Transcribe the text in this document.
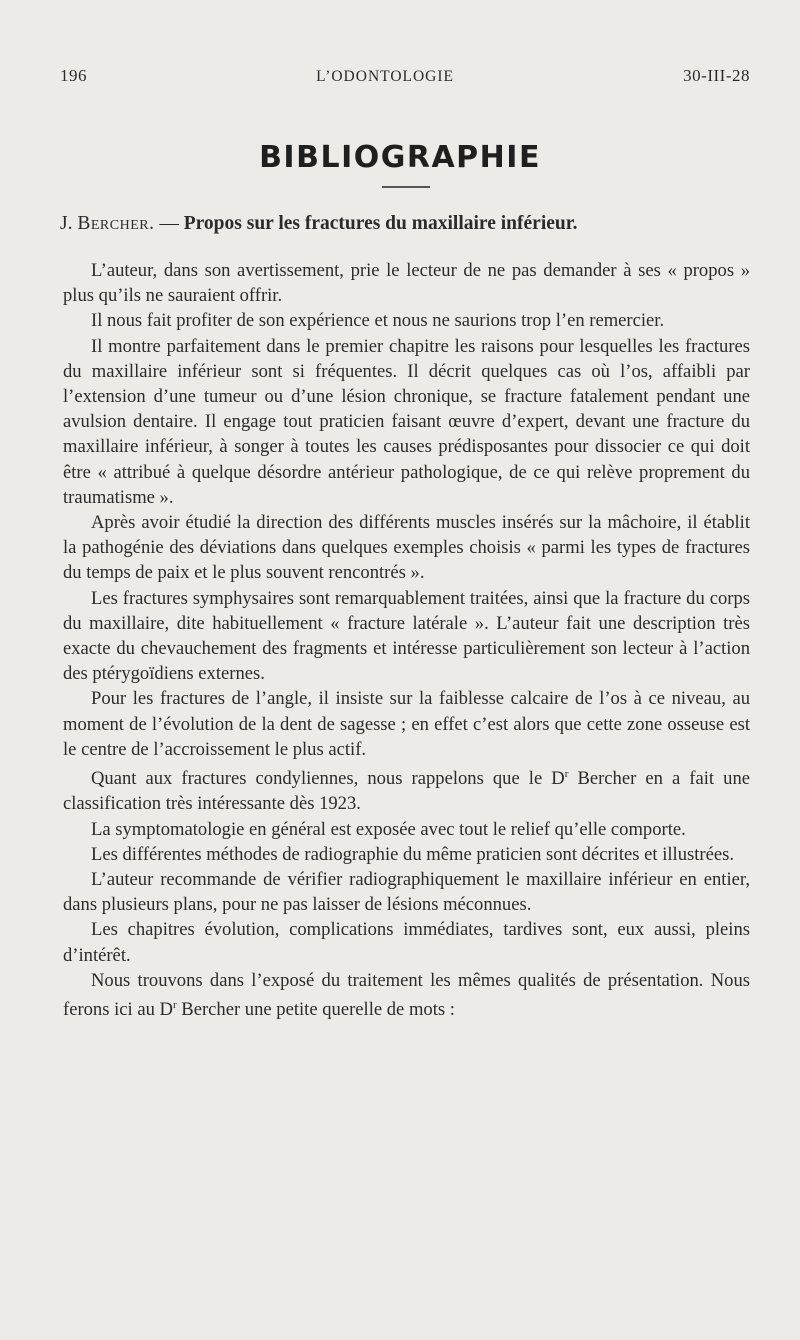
196	L’ODONTOLOGIE	30-III-28
BIBLIOGRAPHIE
J. Bercher. — Propos sur les fractures du maxillaire inférieur.

L’auteur, dans son avertissement, prie le lecteur de ne pas demander à ses « propos » plus qu’ils ne sauraient offrir.

Il nous fait profiter de son expérience et nous ne saurions trop l’en remercier.

Il montre parfaitement dans le premier chapitre les raisons pour lesquelles les fractures du maxillaire inférieur sont si fréquentes. Il décrit quelques cas où l’os, affaibli par l’extension d’une tumeur ou d’une lésion chronique, se fracture fatalement pendant une avulsion dentaire. Il engage tout praticien faisant œuvre d’expert, devant une fracture du maxillaire inférieur, à songer à toutes les causes prédisposantes pour dissocier ce qui doit être « attribué à quelque désordre antérieur pathologique, de ce qui relève proprement du traumatisme ».

Après avoir étudié la direction des différents muscles insérés sur la mâchoire, il établit la pathogénie des déviations dans quelques exemples choisis « parmi les types de fractures du temps de paix et le plus souvent rencontrés ».

Les fractures symphysaires sont remarquablement traitées, ainsi que la fracture du corps du maxillaire, dite habituellement « fracture latérale ». L’auteur fait une description très exacte du chevauchement des fragments et intéresse particulièrement son lecteur à l’action des ptérygoïdiens externes.

Pour les fractures de l’angle, il insiste sur la faiblesse calcaire de l’os à ce niveau, au moment de l’évolution de la dent de sagesse ; en effet c’est alors que cette zone osseuse est le centre de l’accroissement le plus actif.

Quant aux fractures condyliennes, nous rappelons que le $D^r$ Bercher en a fait une classification très intéressante dès 1923.

La symptomatologie en général est exposée avec tout le relief qu’elle comporte.

Les différentes méthodes de radiographie du même praticien sont décrites et illustrées.

L’auteur recommande de vérifier radiographiquement le maxillaire inférieur en entier, dans plusieurs plans, pour ne pas laisser de lésions méconnues.

Les chapitres évolution, complications immédiates, tardives sont, eux aussi, pleins d’intérêt.

Nous trouvons dans l’exposé du traitement les mêmes qualités de présentation. Nous ferons ici au $D^r$ Bercher une petite querelle de mots :
